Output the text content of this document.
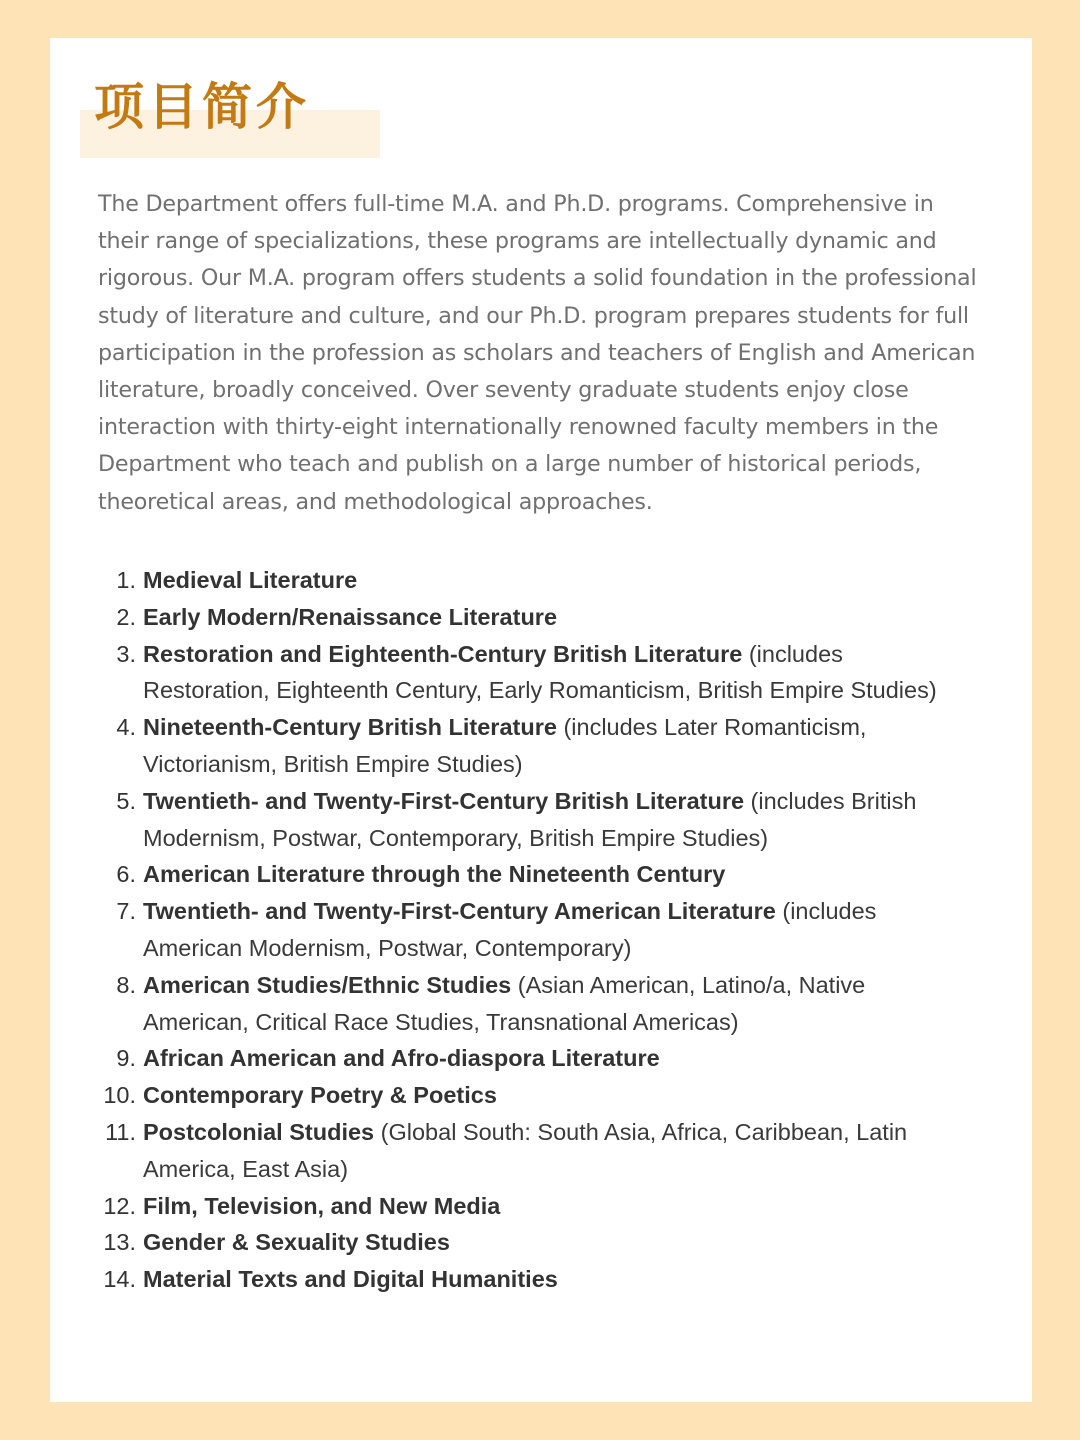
项目简介

The Department offers full-time M.A. and Ph.D. programs. Comprehensive in their range of specializations, these programs are intellectually dynamic and rigorous. Our M.A. program offers students a solid foundation in the professional study of literature and culture, and our Ph.D. program prepares students for full participation in the profession as scholars and teachers of English and American literature, broadly conceived. Over seventy graduate students enjoy close interaction with thirty-eight internationally renowned faculty members in the Department who teach and publish on a large number of historical periods, theoretical areas, and methodological approaches.

1. Medieval Literature
2. Early Modern/Renaissance Literature
3. Restoration and Eighteenth-Century British Literature (includes Restoration, Eighteenth Century, Early Romanticism, British Empire Studies)
4. Nineteenth-Century British Literature (includes Later Romanticism, Victorianism, British Empire Studies)
5. Twentieth- and Twenty-First-Century British Literature (includes British Modernism, Postwar, Contemporary, British Empire Studies)
6. American Literature through the Nineteenth Century
7. Twentieth- and Twenty-First-Century American Literature (includes American Modernism, Postwar, Contemporary)
8. American Studies/Ethnic Studies (Asian American, Latino/a, Native American, Critical Race Studies, Transnational Americas)
9. African American and Afro-diaspora Literature
10. Contemporary Poetry & Poetics
11. Postcolonial Studies (Global South: South Asia, Africa, Caribbean, Latin America, East Asia)
12. Film, Television, and New Media
13. Gender & Sexuality Studies
14. Material Texts and Digital Humanities
